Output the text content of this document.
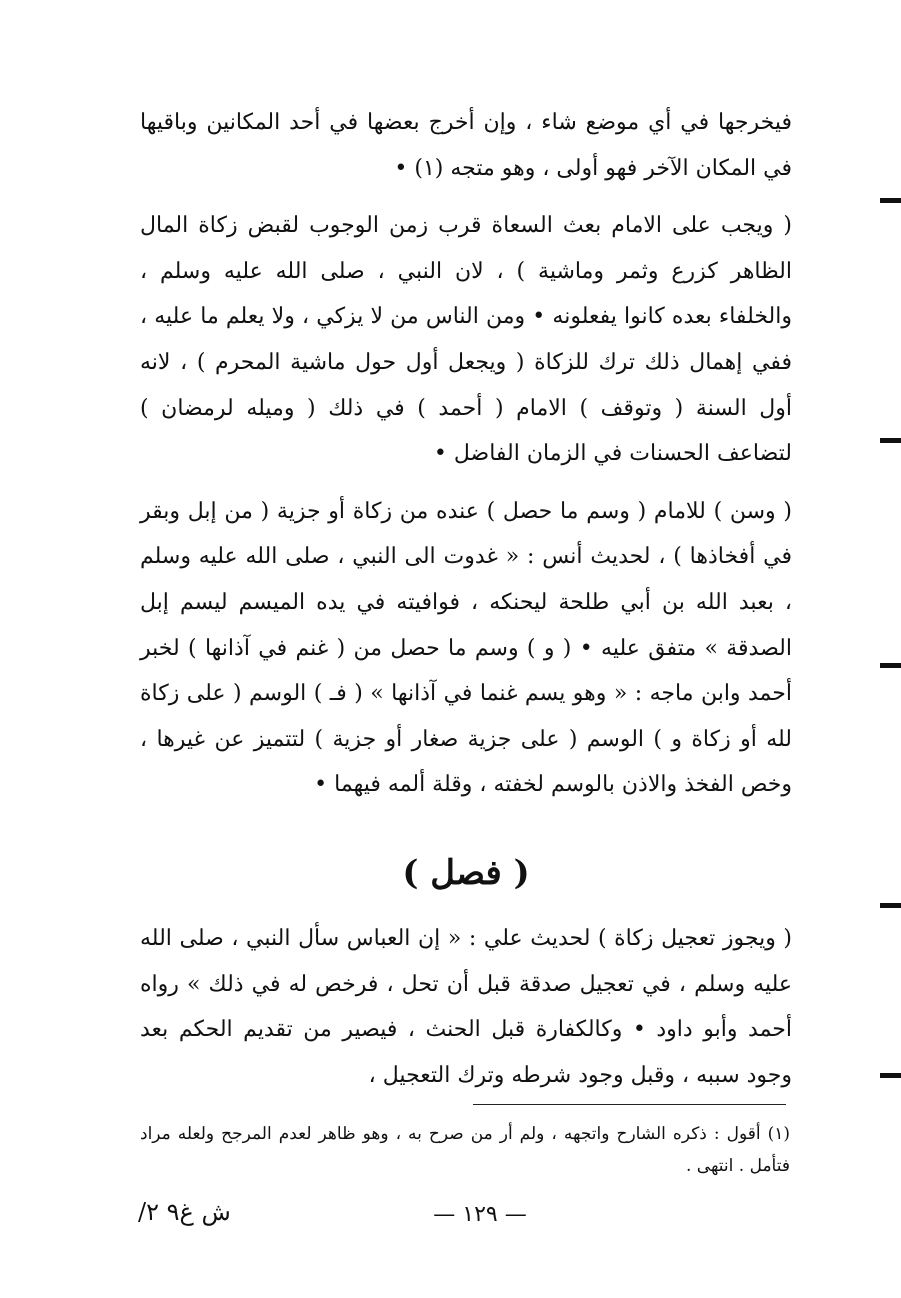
فيخرجها في أي موضع شاء ، وإن أخرج بعضها في أحد المكانين وباقيها في المكان الآخر فهو أولى ، وهو متجه (١) •

( ويجب على الامام بعث السعاة قرب زمن الوجوب لقبض زكاة المال الظاهر كزرع وثمر وماشية ) ، لان النبي ، صلى الله عليه وسلم ، والخلفاء بعده كانوا يفعلونه • ومن الناس من لا يزكي ، ولا يعلم ما عليه ، ففي إهمال ذلك ترك للزكاة ( ويجعل أول حول ماشية المحرم ) ، لانه أول السنة ( وتوقف ) الامام ( أحمد ) في ذلك ( وميله لرمضان ) لتضاعف الحسنات في الزمان الفاضل •

( وسن ) للامام ( وسم ما حصل ) عنده من زكاة أو جزية ( من إبل وبقر في أفخاذها ) ، لحديث أنس : « غدوت الى النبي ، صلى الله عليه وسلم ، بعبد الله بن أبي طلحة ليحنكه ، فوافيته في يده الميسم ليسم إبل الصدقة » متفق عليه • ( و ) وسم ما حصل من ( غنم في آذانها ) لخبر أحمد وابن ماجه : « وهو يسم غنما في آذانها » ( فـ ) الوسم ( على زكاة لله أو زكاة و ) الوسم ( على جزية صغار أو جزية ) لتتميز عن غيرها ، وخص الفخذ والاذن بالوسم لخفته ، وقلة ألمه فيهما •

( فصل )

( ويجوز تعجيل زكاة ) لحديث علي : « إن العباس سأل النبي ، صلى الله عليه وسلم ، في تعجيل صدقة قبل أن تحل ، فرخص له في ذلك » رواه أحمد وأبو داود • وكالكفارة قبل الحنث ، فيصير من تقديم الحكم بعد وجود سببه ، وقبل وجود شرطه وترك التعجيل ،

(١) أقول : ذكره الشارح واتجهه ، ولم أر من صرح به ، وهو ظاهر لعدم المرجح ولعله مراد فتأمل . انتهى .

— ١٢٩ —
ش غ٩ ٢/
